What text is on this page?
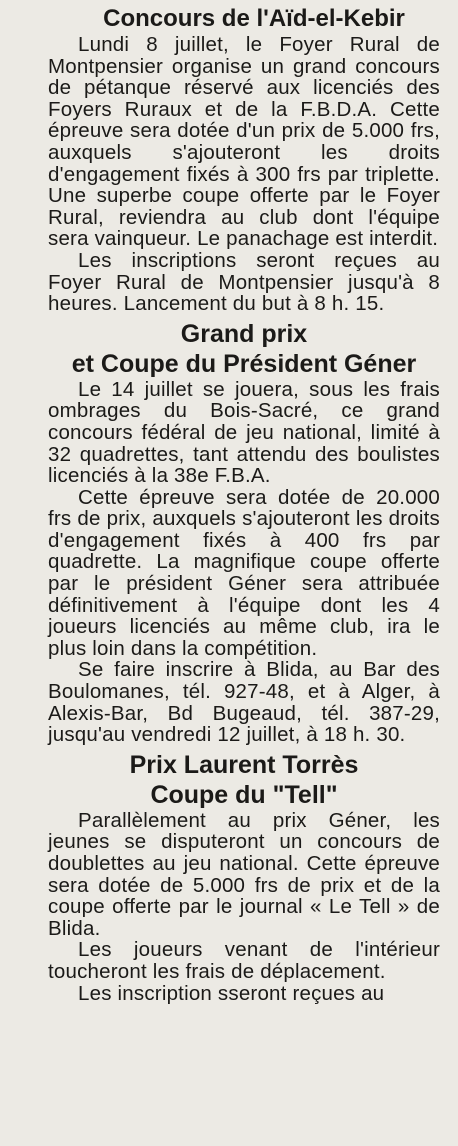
Concours de l'Aïd-el-Kebir

Lundi 8 juillet, le Foyer Rural de Montpensier organise un grand concours de pétanque réservé aux licenciés des Foyers Ruraux et de la F.B.D.A. Cette épreuve sera dotée d'un prix de 5.000 frs, auxquels s'ajouteront les droits d'engagement fixés à 300 frs par triplette. Une superbe coupe offerte par le Foyer Rural, reviendra au club dont l'équipe sera vainqueur. Le panachage est interdit.

Les inscriptions seront reçues au Foyer Rural de Montpensier jusqu'à 8 heures. Lancement du but à 8 h. 15.

Grand prix
et Coupe du Président Géner

Le 14 juillet se jouera, sous les frais ombrages du Bois-Sacré, ce grand concours fédéral de jeu national, limité à 32 quadrettes, tant attendu des boulistes licenciés à la 38e F.B.A.

Cette épreuve sera dotée de 20.000 frs de prix, auxquels s'ajouteront les droits d'engagement fixés à 400 frs par quadrette. La magnifique coupe offerte par le président Géner sera attribuée définitivement à l'équipe dont les 4 joueurs licenciés au même club, ira le plus loin dans la compétition.

Se faire inscrire à Blida, au Bar des Boulomanes, tél. 927-48, et à Alger, à Alexis-Bar, Bd Bugeaud, tél. 387-29, jusqu'au vendredi 12 juillet, à 18 h. 30.

Prix Laurent Torrès
Coupe du "Tell"

Parallèlement au prix Géner, les jeunes se disputeront un concours de doublettes au jeu national. Cette épreuve sera dotée de 5.000 frs de prix et de la coupe offerte par le journal « Le Tell » de Blida.

Les joueurs venant de l'intérieur toucheront les frais de déplacement.

Les inscription sseront reçues au
